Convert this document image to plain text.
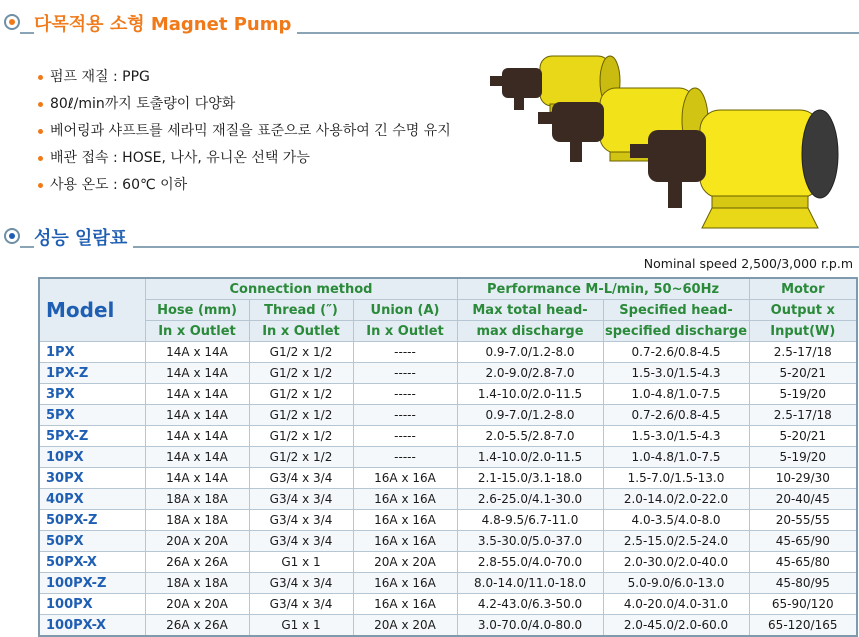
다목적용 소형 Magnet Pump
펌프 재질 : PPG
80ℓ/min까지 토출량이 다양화
베어링과 샤프트를 세라믹 재질을 표준으로 사용하여 긴 수명 유지
배관 접속 : HOSE, 나사, 유니온 선택 가능
사용 온도 : 60℃ 이하
성능 일람표
Nominal speed 2,500/3,000 r.p.m
Model	Connection method			Performance M-L/min, 50~60Hz		Motor
	Hose (mm)	Thread (″)	Union (A)	Max total head-	Specified head-	Output x
	In x Outlet	In x Outlet	In x Outlet	max discharge	specified discharge	Input(W)
1PX	14A x 14A	G1/2 x 1/2	-----	0.9-7.0/1.2-8.0	0.7-2.6/0.8-4.5	2.5-17/18
1PX-Z	14A x 14A	G1/2 x 1/2	-----	2.0-9.0/2.8-7.0	1.5-3.0/1.5-4.3	5-20/21
3PX	14A x 14A	G1/2 x 1/2	-----	1.4-10.0/2.0-11.5	1.0-4.8/1.0-7.5	5-19/20
5PX	14A x 14A	G1/2 x 1/2	-----	0.9-7.0/1.2-8.0	0.7-2.6/0.8-4.5	2.5-17/18
5PX-Z	14A x 14A	G1/2 x 1/2	-----	2.0-5.5/2.8-7.0	1.5-3.0/1.5-4.3	5-20/21
10PX	14A x 14A	G1/2 x 1/2	-----	1.4-10.0/2.0-11.5	1.0-4.8/1.0-7.5	5-19/20
30PX	14A x 14A	G3/4 x 3/4	16A x 16A	2.1-15.0/3.1-18.0	1.5-7.0/1.5-13.0	10-29/30
40PX	18A x 18A	G3/4 x 3/4	16A x 16A	2.6-25.0/4.1-30.0	2.0-14.0/2.0-22.0	20-40/45
50PX-Z	18A x 18A	G3/4 x 3/4	16A x 16A	4.8-9.5/6.7-11.0	4.0-3.5/4.0-8.0	20-55/55
50PX	20A x 20A	G3/4 x 3/4	16A x 16A	3.5-30.0/5.0-37.0	2.5-15.0/2.5-24.0	45-65/90
50PX-X	26A x 26A	G1 x 1	20A x 20A	2.8-55.0/4.0-70.0	2.0-30.0/2.0-40.0	45-65/80
100PX-Z	18A x 18A	G3/4 x 3/4	16A x 16A	8.0-14.0/11.0-18.0	5.0-9.0/6.0-13.0	45-80/95
100PX	20A x 20A	G3/4 x 3/4	16A x 16A	4.2-43.0/6.3-50.0	4.0-20.0/4.0-31.0	65-90/120
100PX-X	26A x 26A	G1 x 1	20A x 20A	3.0-70.0/4.0-80.0	2.0-45.0/2.0-60.0	65-120/165
